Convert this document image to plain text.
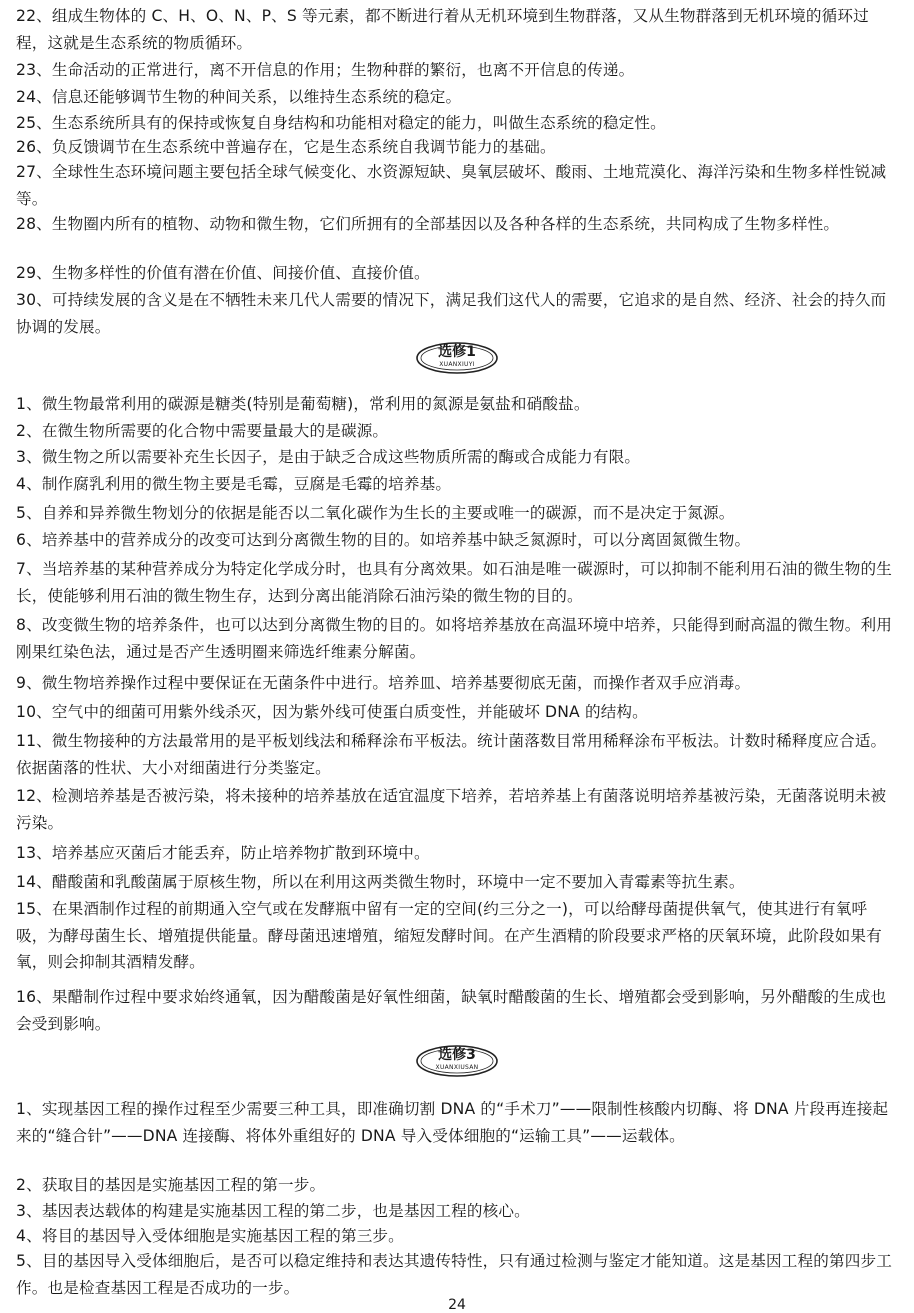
22、组成生物体的 C、H、O、N、P、S 等元素，都不断进行着从无机环境到生物群落，又从生物群落到无机环境的循环过程，这就是生态系统的物质循环。
23、生命活动的正常进行，离不开信息的作用；生物种群的繁衍，也离不开信息的传递。
24、信息还能够调节生物的种间关系，以维持生态系统的稳定。
25、生态系统所具有的保持或恢复自身结构和功能相对稳定的能力，叫做生态系统的稳定性。
26、负反馈调节在生态系统中普遍存在，它是生态系统自我调节能力的基础。
27、全球性生态环境问题主要包括全球气候变化、水资源短缺、臭氧层破坏、酸雨、土地荒漠化、海洋污染和生物多样性锐减等。
28、生物圈内所有的植物、动物和微生物，它们所拥有的全部基因以及各种各样的生态系统，共同构成了生物多样性。
29、生物多样性的价值有潜在价值、间接价值、直接价值。
30、可持续发展的含义是在不牺牲未来几代人需要的情况下，满足我们这代人的需要，它追求的是自然、经济、社会的持久而协调的发展。
选修1
XUANXIUYI
1、微生物最常利用的碳源是糖类(特别是葡萄糖)，常利用的氮源是氨盐和硝酸盐。
2、在微生物所需要的化合物中需要量最大的是碳源。
3、微生物之所以需要补充生长因子，是由于缺乏合成这些物质所需的酶或合成能力有限。
4、制作腐乳利用的微生物主要是毛霉，豆腐是毛霉的培养基。
5、自养和异养微生物划分的依据是能否以二氧化碳作为生长的主要或唯一的碳源，而不是决定于氮源。
6、培养基中的营养成分的改变可达到分离微生物的目的。如培养基中缺乏氮源时，可以分离固氮微生物。
7、当培养基的某种营养成分为特定化学成分时，也具有分离效果。如石油是唯一碳源时，可以抑制不能利用石油的微生物的生长，使能够利用石油的微生物生存，达到分离出能消除石油污染的微生物的目的。
8、改变微生物的培养条件，也可以达到分离微生物的目的。如将培养基放在高温环境中培养，只能得到耐高温的微生物。利用刚果红染色法，通过是否产生透明圈来筛选纤维素分解菌。
9、微生物培养操作过程中要保证在无菌条件中进行。培养皿、培养基要彻底无菌，而操作者双手应消毒。
10、空气中的细菌可用紫外线杀灭，因为紫外线可使蛋白质变性，并能破坏 DNA 的结构。
11、微生物接种的方法最常用的是平板划线法和稀释涂布平板法。统计菌落数目常用稀释涂布平板法。计数时稀释度应合适。依据菌落的性状、大小对细菌进行分类鉴定。
12、检测培养基是否被污染，将未接种的培养基放在适宜温度下培养，若培养基上有菌落说明培养基被污染，无菌落说明未被污染。
13、培养基应灭菌后才能丢弃，防止培养物扩散到环境中。
14、醋酸菌和乳酸菌属于原核生物，所以在利用这两类微生物时，环境中一定不要加入青霉素等抗生素。
15、在果酒制作过程的前期通入空气或在发酵瓶中留有一定的空间(约三分之一)，可以给酵母菌提供氧气，使其进行有氧呼吸，为酵母菌生长、增殖提供能量。酵母菌迅速增殖，缩短发酵时间。在产生酒精的阶段要求严格的厌氧环境，此阶段如果有氧，则会抑制其酒精发酵。
16、果醋制作过程中要求始终通氧，因为醋酸菌是好氧性细菌，缺氧时醋酸菌的生长、增殖都会受到影响，另外醋酸的生成也会受到影响。
选修3
XUANXIUSAN
1、实现基因工程的操作过程至少需要三种工具，即准确切割 DNA 的“手术刀”——限制性核酸内切酶、将 DNA 片段再连接起来的“缝合针”——DNA 连接酶、将体外重组好的 DNA 导入受体细胞的“运输工具”——运载体。
2、获取目的基因是实施基因工程的第一步。
3、基因表达载体的构建是实施基因工程的第二步，也是基因工程的核心。
4、将目的基因导入受体细胞是实施基因工程的第三步。
5、目的基因导入受体细胞后，是否可以稳定维持和表达其遗传特性，只有通过检测与鉴定才能知道。这是基因工程的第四步工作。也是检查基因工程是否成功的一步。
24
